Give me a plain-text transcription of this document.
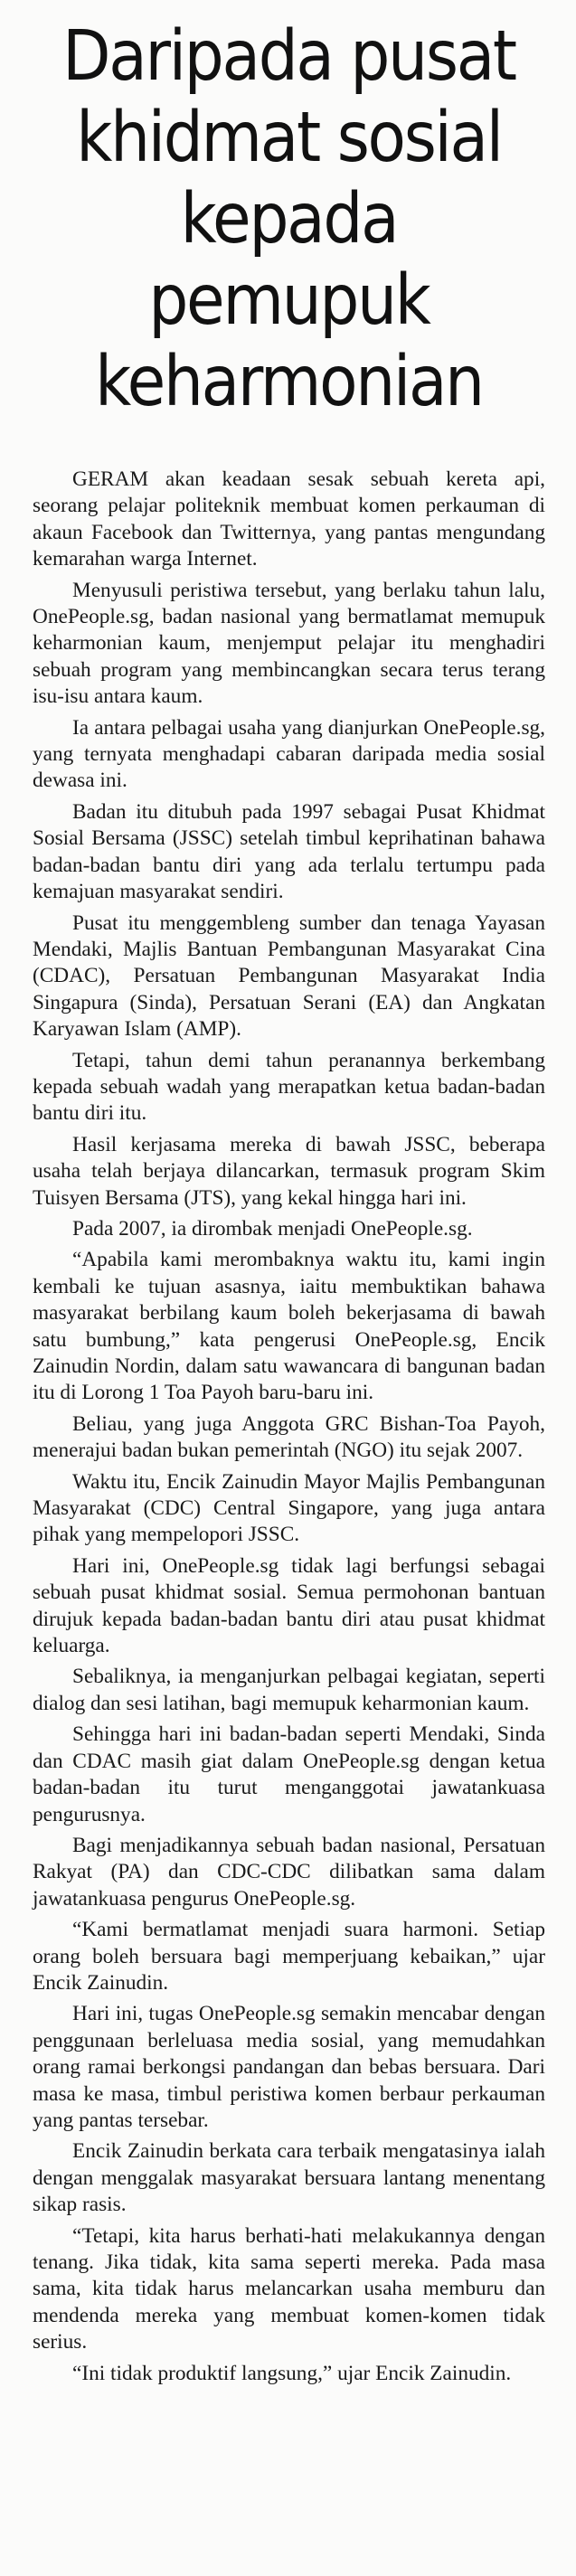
Daripada pusat
khidmat sosial
kepada pemupuk
keharmonian

GERAM akan keadaan sesak sebuah kereta api, seorang pelajar politeknik membuat komen perkauman di akaun Facebook dan Twitternya, yang pantas mengundang kemarahan warga Internet.

Menyusuli peristiwa tersebut, yang berlaku tahun lalu, OnePeople.sg, badan nasional yang bermatlamat memupuk keharmonian kaum, menjemput pelajar itu menghadiri sebuah program yang membincangkan secara terus terang isu-isu antara kaum.

Ia antara pelbagai usaha yang dianjurkan OnePeople.sg, yang ternyata menghadapi cabaran daripada media sosial dewasa ini.

Badan itu ditubuh pada 1997 sebagai Pusat Khidmat Sosial Bersama (JSSC) setelah timbul keprihatinan bahawa badan-badan bantu diri yang ada terlalu tertumpu pada kemajuan masyarakat sendiri.

Pusat itu menggembleng sumber dan tenaga Yayasan Mendaki, Majlis Bantuan Pembangunan Masyarakat Cina (CDAC), Persatuan Pembangunan Masyarakat India Singapura (Sinda), Persatuan Serani (EA) dan Angkatan Karyawan Islam (AMP).

Tetapi, tahun demi tahun peranannya berkembang kepada sebuah wadah yang merapatkan ketua badan-badan bantu diri itu.

Hasil kerjasama mereka di bawah JSSC, beberapa usaha telah berjaya dilancarkan, termasuk program Skim Tuisyen Bersama (JTS), yang kekal hingga hari ini.

Pada 2007, ia dirombak menjadi OnePeople.sg.

“Apabila kami merombaknya waktu itu, kami ingin kembali ke tujuan asasnya, iaitu membuktikan bahawa masyarakat berbilang kaum boleh bekerjasama di bawah satu bumbung,” kata pengerusi OnePeople.sg, Encik Zainudin Nordin, dalam satu wawancara di bangunan badan itu di Lorong 1 Toa Payoh baru-baru ini.

Beliau, yang juga Anggota GRC Bishan-Toa Payoh, menerajui badan bukan pemerintah (NGO) itu sejak 2007.

Waktu itu, Encik Zainudin Mayor Majlis Pembangunan Masyarakat (CDC) Central Singapore, yang juga antara pihak yang mempelopori JSSC.

Hari ini, OnePeople.sg tidak lagi berfungsi sebagai sebuah pusat khidmat sosial. Semua permohonan bantuan dirujuk kepada badan-badan bantu diri atau pusat khidmat keluarga.

Sebaliknya, ia menganjurkan pelbagai kegiatan, seperti dialog dan sesi latihan, bagi memupuk keharmonian kaum.

Sehingga hari ini badan-badan seperti Mendaki, Sinda dan CDAC masih giat dalam OnePeople.sg dengan ketua badan-badan itu turut menganggotai jawatankuasa pengurusnya.

Bagi menjadikannya sebuah badan nasional, Persatuan Rakyat (PA) dan CDC-CDC dilibatkan sama dalam jawatankuasa pengurus OnePeople.sg.

“Kami bermatlamat menjadi suara harmoni. Setiap orang boleh bersuara bagi memperjuang kebaikan,” ujar Encik Zainudin.

Hari ini, tugas OnePeople.sg semakin mencabar dengan penggunaan berleluasa media sosial, yang memudahkan orang ramai berkongsi pandangan dan bebas bersuara. Dari masa ke masa, timbul peristiwa komen berbaur perkauman yang pantas tersebar.

Encik Zainudin berkata cara terbaik mengatasinya ialah dengan menggalak masyarakat bersuara lantang menentang sikap rasis.

“Tetapi, kita harus berhati-hati melakukannya dengan tenang. Jika tidak, kita sama seperti mereka. Pada masa sama, kita tidak harus melancarkan usaha memburu dan mendenda mereka yang membuat komen-komen tidak serius.

“Ini tidak produktif langsung,” ujar Encik Zainudin.
